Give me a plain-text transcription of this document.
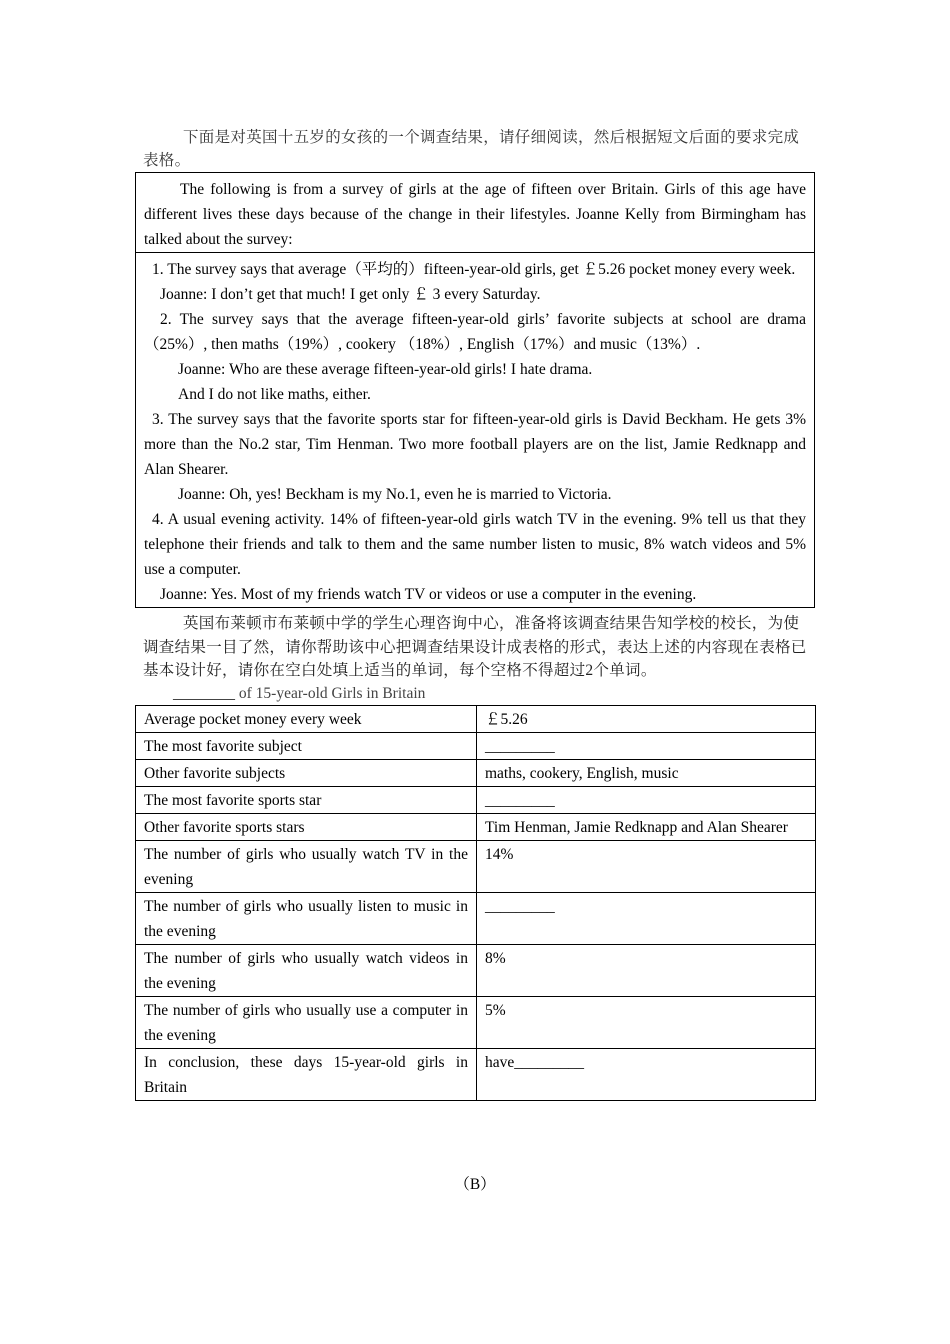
下面是对英国十五岁的女孩的一个调查结果，请仔细阅读，然后根据短文后面的要求完成表格。

The following is from a survey of girls at the age of fifteen over Britain. Girls of this age have different lives these days because of the change in their lifestyles. Joanne Kelly from Birmingham has talked about the survey:

1. The survey says that average（平均的）fifteen-year-old girls, get ￡5.26 pocket money every week.

Joanne: I don’t get that much! I get only ￡ 3 every Saturday.

2. The survey says that the average fifteen-year-old girls’ favorite subjects at school are drama（25%）, then maths（19%）, cookery （18%）, English（17%）and music（13%）.

Joanne: Who are these average fifteen-year-old girls! I hate drama.

And I do not like maths, either.

3. The survey says that the favorite sports star for fifteen-year-old girls is David Beckham. He gets 3% more than the No.2 star, Tim Henman. Two more football players are on the list, Jamie Redknapp and Alan Shearer.

Joanne: Oh, yes! Beckham is my No.1, even he is married to Victoria.

4. A usual evening activity. 14% of fifteen-year-old girls watch TV in the evening. 9% tell us that they telephone their friends and talk to them and the same number listen to music, 8% watch videos and 5% use a computer.

Joanne: Yes. Most of my friends watch TV or videos or use a computer in the evening.

英国布莱顿市布莱顿中学的学生心理咨询中心，准备将该调查结果告知学校的校长，为使调查结果一目了然，请你帮助该中心把调查结果设计成表格的形式，表达上述的内容现在表格已基本设计好，请你在空白处填上适当的单词，每个空格不得超过2个单词。

________ of 15-year-old Girls in Britain
Average pocket money every week	￡5.26
The most favorite subject	_________
Other favorite subjects	maths, cookery, English, music
The most favorite sports star	_________
Other favorite sports stars	Tim Henman, Jamie Redknapp and Alan Shearer
The number of girls who usually watch TV in the evening	14%
The number of girls who usually listen to music in the evening	_________
The number of girls who usually watch videos in the evening	8%
The number of girls who usually use a computer in the evening	5%
In conclusion, these days 15-year-old girls in Britain	have_________
（B）
